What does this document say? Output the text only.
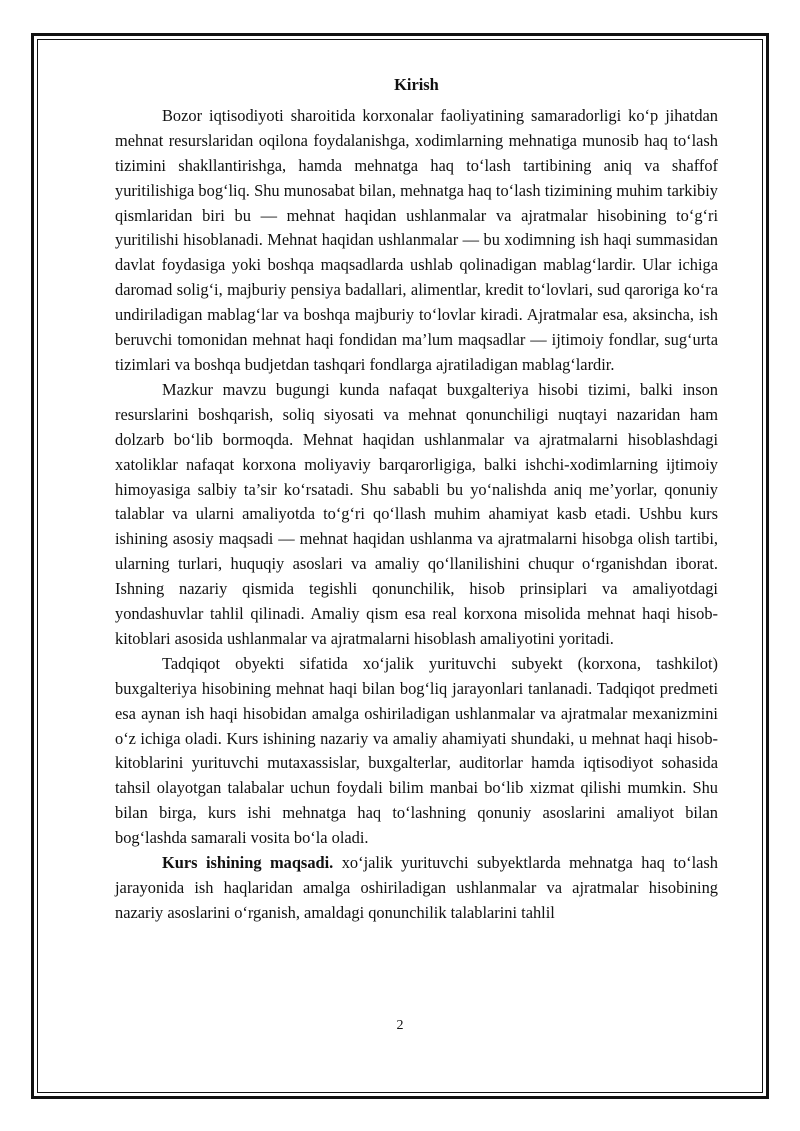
Kirish

Bozor iqtisodiyoti sharoitida korxonalar faoliyatining samaradorligi ko‘p jihatdan mehnat resurslaridan oqilona foydalanishga, xodimlarning mehnatiga munosib haq to‘lash tizimini shakllantirishga, hamda mehnatga haq to‘lash tartibining aniq va shaffof yuritilishiga bog‘liq. Shu munosabat bilan, mehnatga haq to‘lash tizimining muhim tarkibiy qismlaridan biri bu — mehnat haqidan ushlanmalar va ajratmalar hisobining to‘g‘ri yuritilishi hisoblanadi. Mehnat haqidan ushlanmalar — bu xodimning ish haqi summasidan davlat foydasiga yoki boshqa maqsadlarda ushlab qolinadigan mablag‘lardir. Ular ichiga daromad solig‘i, majburiy pensiya badallari, alimentlar, kredit to‘lovlari, sud qaroriga ko‘ra undiriladigan mablag‘lar va boshqa majburiy to‘lovlar kiradi. Ajratmalar esa, aksincha, ish beruvchi tomonidan mehnat haqi fondidan ma’lum maqsadlar — ijtimoiy fondlar, sug‘urta tizimlari va boshqa budjetdan tashqari fondlarga ajratiladigan mablag‘lardir.

Mazkur mavzu bugungi kunda nafaqat buxgalteriya hisobi tizimi, balki inson resurslarini boshqarish, soliq siyosati va mehnat qonunchiligi nuqtayi nazaridan ham dolzarb bo‘lib bormoqda. Mehnat haqidan ushlanmalar va ajratmalarni hisoblashdagi xatoliklar nafaqat korxona moliyaviy barqarorligiga, balki ishchi-xodimlarning ijtimoiy himoyasiga salbiy ta’sir ko‘rsatadi. Shu sababli bu yo‘nalishda aniq me’yorlar, qonuniy talablar va ularni amaliyotda to‘g‘ri qo‘llash muhim ahamiyat kasb etadi. Ushbu kurs ishining asosiy maqsadi — mehnat haqidan ushlanma va ajratmalarni hisobga olish tartibi, ularning turlari, huquqiy asoslari va amaliy qo‘llanilishini chuqur o‘rganishdan iborat. Ishning nazariy qismida tegishli qonunchilik, hisob prinsiplari va amaliyotdagi yondashuvlar tahlil qilinadi. Amaliy qism esa real korxona misolida mehnat haqi hisob-kitoblari asosida ushlanmalar va ajratmalarni hisoblash amaliyotini yoritadi.

Tadqiqot obyekti sifatida xo‘jalik yurituvchi subyekt (korxona, tashkilot) buxgalteriya hisobining mehnat haqi bilan bog‘liq jarayonlari tanlanadi. Tadqiqot predmeti esa aynan ish haqi hisobidan amalga oshiriladigan ushlanmalar va ajratmalar mexanizmini o‘z ichiga oladi. Kurs ishining nazariy va amaliy ahamiyati shundaki, u mehnat haqi hisob-kitoblarini yurituvchi mutaxassislar, buxgalterlar, auditorlar hamda iqtisodiyot sohasida tahsil olayotgan talabalar uchun foydali bilim manbai bo‘lib xizmat qilishi mumkin. Shu bilan birga, kurs ishi mehnatga haq to‘lashning qonuniy asoslarini amaliyot bilan bog‘lashda samarali vosita bo‘la oladi.

Kurs ishining maqsadi. xo‘jalik yurituvchi subyektlarda mehnatga haq to‘lash jarayonida ish haqlaridan amalga oshiriladigan ushlanmalar va ajratmalar hisobining nazariy asoslarini o‘rganish, amaldagi qonunchilik talablarini tahlil

2
